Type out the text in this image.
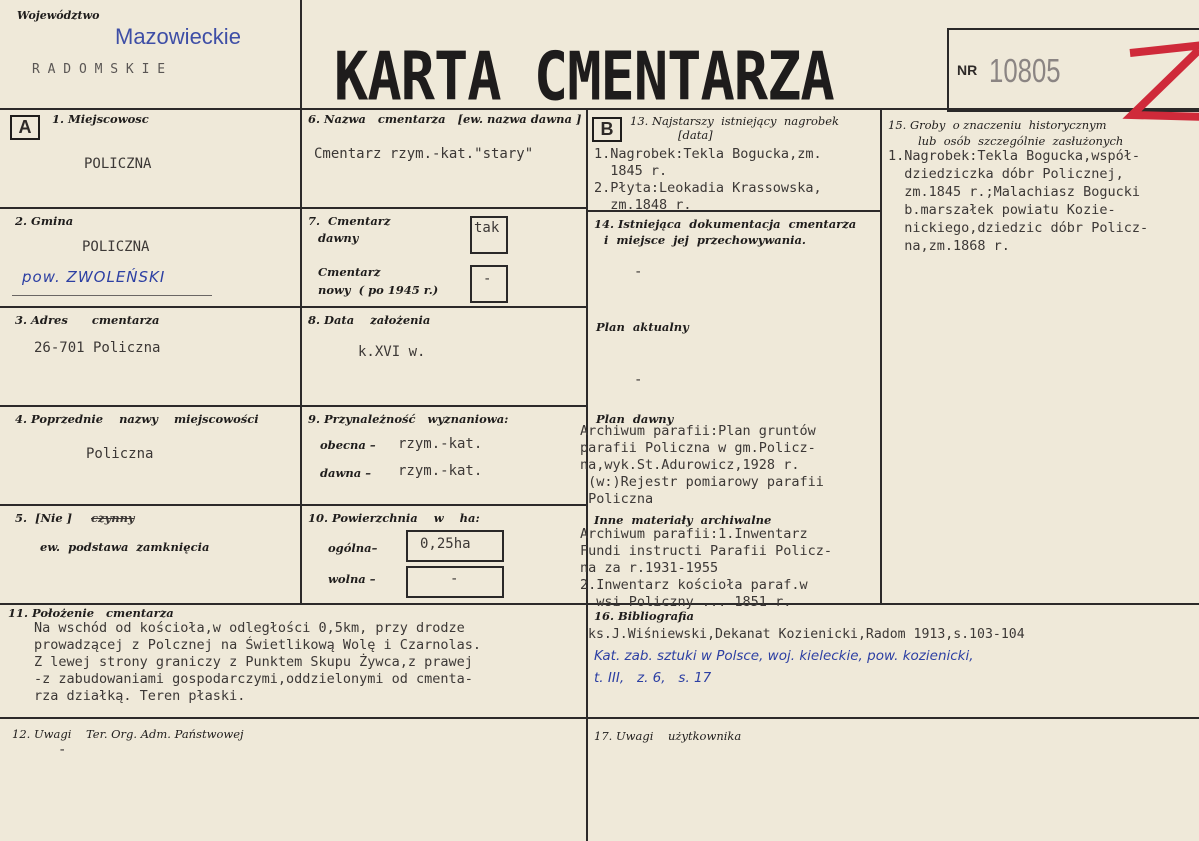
Województwo
Mazowieckie
R A D O M S K I E	KARTA CMENTARZA	NR 10805

A	1. Miejscowosc
POLICZNA
2. Gmina
POLICZNA
pow. ZWOLEŃSKI
3. Adres      cmentarza
26-701 Policzna
4. Poprzednie    nazwy    miejscowości
Policzna
5.  [Nie ] czynny
ew.  podstawa  zamknięcia
6. Nazwa   cmentarza   [ew. nazwa dawna ]
Cmentarz rzym.-kat."stary"
7.  Cmentarz
dawny
tak
Cmentarz
nowy  ( po 1945 r.)
-
8. Data    założenia
k.XVI w.
9. Przynależność   wyznaniowa:
obecna – rzym.-kat.
dawna – rzym.-kat.
10. Powierzchnia    w    ha:
ogólna–	0,25ha
wolna –	-
B	13. Najstarszy  istniejący  nagrobek
[data]
1.Nagrobek:Tekla Bogucka,zm.
1845 r.
2.Płyta:Leokadia Krassowska,
zm.1848 r.
14. Istniejąca  dokumentacja  cmentarza
i  miejsce  jej  przechowywania.
-
Plan  aktualny
-
Plan  dawny
Archiwum parafii:Plan gruntów
parafii Policzna w gm.Policz-
na,wyk.St.Adurowicz,1928 r.
(w:)Rejestr pomiarowy parafii
Policzna
Inne  materiały  archiwalne
Archiwum parafii:1.Inwentarz
Fundi instructi Parafii Policz-
na za r.1931-1955
2.Inwentarz kościoła paraf.w
wsi Policzny ... 1851 r.
15. Groby  o znaczeniu  historycznym
lub  osób  szczególnie  zasłużonych
1.Nagrobek:Tekla Bogucka,współ-
dziedziczka dóbr Policznej,
zm.1845 r.;Malachiasz Bogucki
b.marszałek powiatu Kozie-
nickiego,dziedzic dóbr Policz-
na,zm.1868 r.
11. Położenie   cmentarza
Na wschód od kościoła,w odległości 0,5km, przy drodze
prowadzącej z Polcznej na Świetlikową Wolę i Czarnolas.
Z lewej strony graniczy z Punktem Skupu Żywca,z prawej
-z zabudowaniami gospodarczymi,oddzielonymi od cmenta-
rza działką. Teren płaski.
16. Bibliografia
ks.J.Wiśniewski,Dekanat Kozienicki,Radom 1913,s.103-104
Kat. zab. sztuki w Polsce, woj. kieleckie, pow. kozienicki,
t. III,   z. 6,   s. 17
12. Uwagi    Ter. Org. Adm. Państwowej
-
17. Uwagi    użytkownika
